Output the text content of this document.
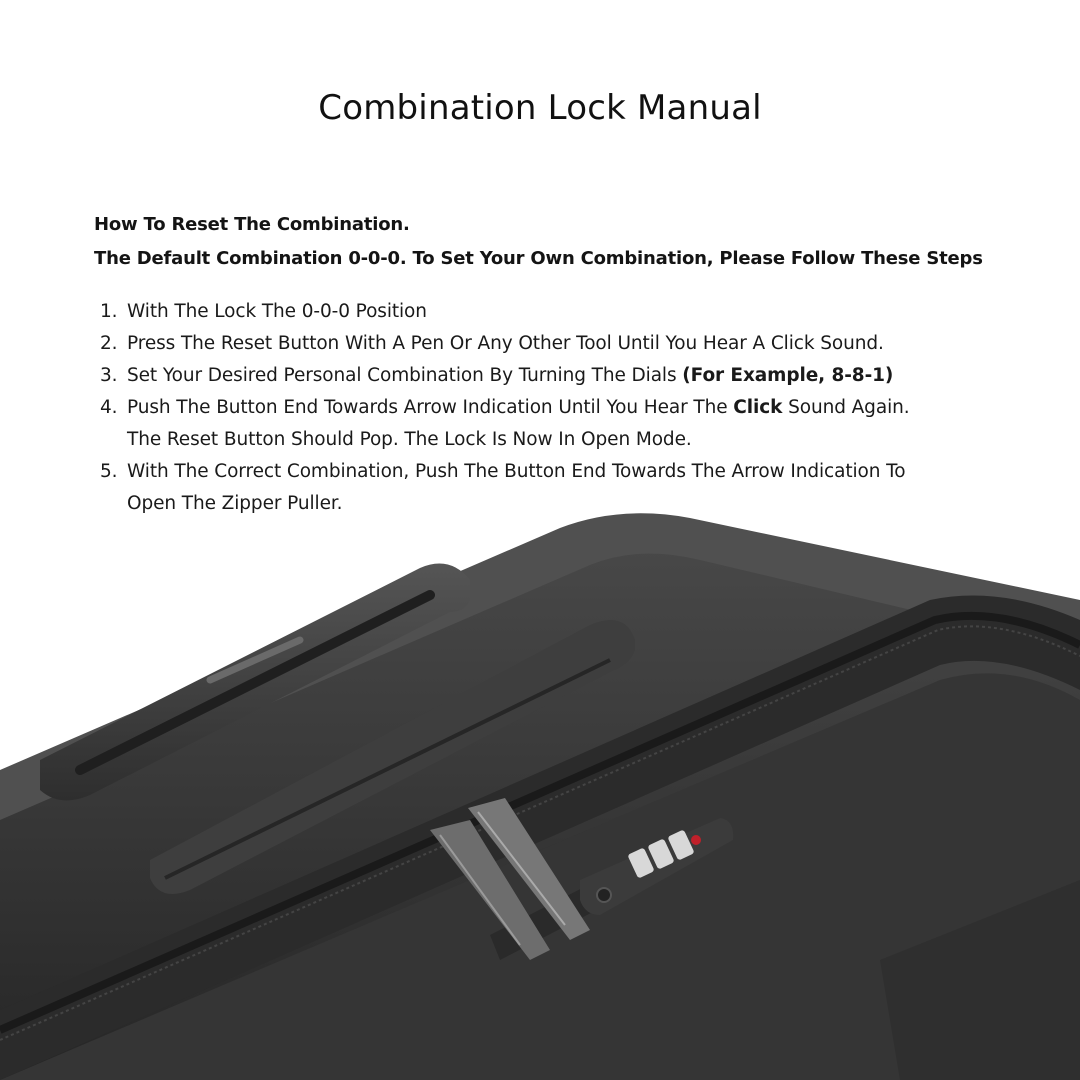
Combination Lock Manual
How To Reset The Combination.
The Default Combination 0-0-0. To Set Your Own Combination, Please Follow These Steps
1. With The Lock The 0-0-0 Position
2. Press The Reset Button With A Pen Or Any Other Tool Until You Hear A Click Sound.
3. Set Your Desired Personal Combination By Turning The Dials (For Example, 8-8-1)
4. Push The Button End Towards Arrow Indication Until You Hear The Click Sound Again.
The Reset Button Should Pop. The Lock Is Now In Open Mode.
5. With The Correct Combination, Push The Button End Towards The Arrow Indication To
Open The Zipper Puller.
